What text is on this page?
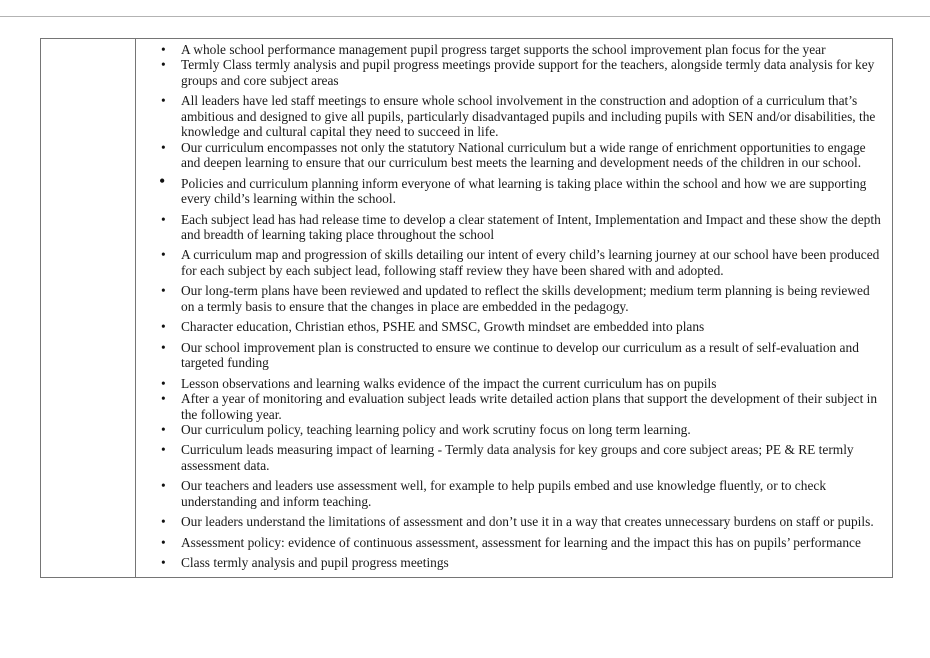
• A whole school performance management pupil progress target supports the school improvement plan focus for the year
• Termly Class termly analysis and pupil progress meetings provide support for the teachers, alongside termly data analysis for key groups and core subject areas
• All leaders have led staff meetings to ensure whole school involvement in the construction and adoption of a curriculum that’s ambitious and designed to give all pupils, particularly disadvantaged pupils and including pupils with SEN and/or disabilities, the knowledge and cultural capital they need to succeed in life.
• Our curriculum encompasses not only the statutory National curriculum but a wide range of enrichment opportunities to engage and deepen learning to ensure that our curriculum best meets the learning and development needs of the children in our school.
• Policies and curriculum planning inform everyone of what learning is taking place within the school and how we are supporting every child’s learning within the school.
• Each subject lead has had release time to develop a clear statement of Intent, Implementation and Impact and these show the depth and breadth of learning taking place throughout the school
• A curriculum map and progression of skills detailing our intent of every child’s learning journey at our school have been produced for each subject by each subject lead, following staff review they have been shared with and adopted.
• Our long-term plans have been reviewed and updated to reflect the skills development; medium term planning is being reviewed on a termly basis to ensure that the changes in place are embedded in the pedagogy.
• Character education, Christian ethos, PSHE and SMSC, Growth mindset are embedded into plans
• Our school improvement plan is constructed to ensure we continue to develop our curriculum as a result of self-evaluation and targeted funding
• Lesson observations and learning walks evidence of the impact the current curriculum has on pupils
• After a year of monitoring and evaluation subject leads write detailed action plans that support the development of their subject in the following year.
• Our curriculum policy, teaching learning policy and work scrutiny focus on long term learning.
• Curriculum leads measuring impact of learning - Termly data analysis for key groups and core subject areas; PE & RE termly assessment data.
• Our teachers and leaders use assessment well, for example to help pupils embed and use knowledge fluently, or to check understanding and inform teaching.
• Our leaders understand the limitations of assessment and don’t use it in a way that creates unnecessary burdens on staff or pupils.
• Assessment policy: evidence of continuous assessment, assessment for learning and the impact this has on pupils’ performance
• Class termly analysis and pupil progress meetings
